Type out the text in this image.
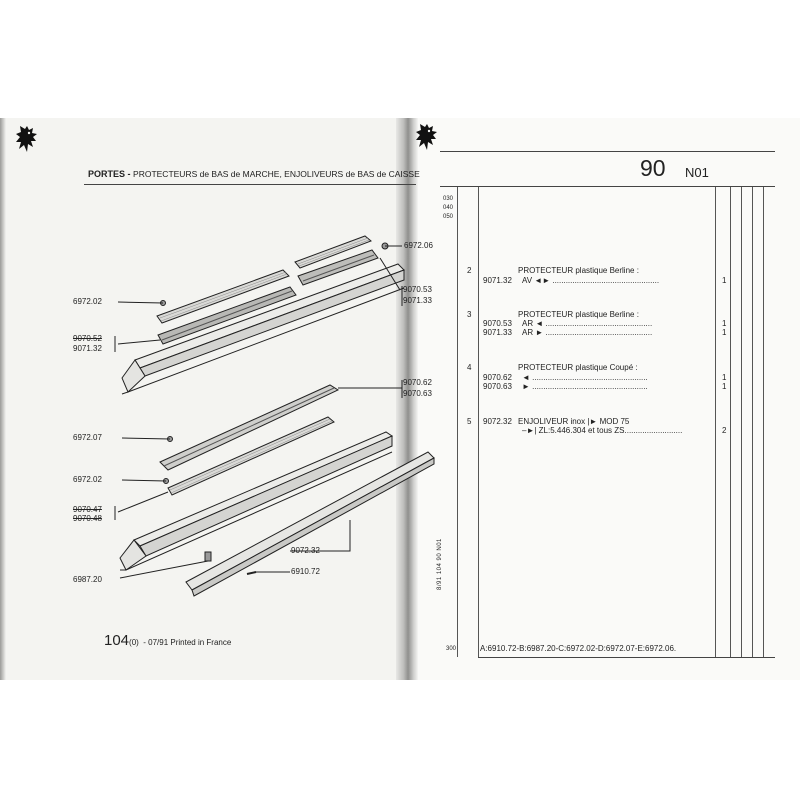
PORTES - PROTECTEURS de BAS de MARCHE, ENJOLIVEURS de BAS de CAISSE	90 N01
6972.06
9070.53
9071.33
6972.02
9070.52
9071.32
9070.62
9070.63
6972.07
6972.02
9070.47
9070.48
9072.32
6910.72
6987.20
104(0) - 07/91 Printed in France
030
040
050
300
8/91 104 90 N01
2	PROTECTEUR plastique Berline :
9071.32 AV ◄► ................................................	1
3	PROTECTEUR plastique Berline :
9070.53 AR ◄ ................................................	1
9071.33 AR ► ................................................	1
4	PROTECTEUR plastique Coupé :
9070.62 ◄ ....................................................	1
9070.63 ► ....................................................	1
5 9072.32 ENJOLIVEUR inox |► MOD 75
–►| ZL:5.446.304 et tous ZS..........................	2
A:6910.72-B:6987.20-C:6972.02-D:6972.07-E:6972.06.
